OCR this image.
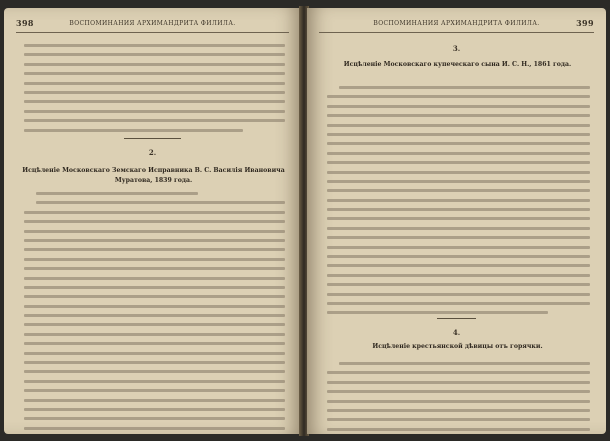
398	ВОСПОМИНАНИЯ АРХИМАНДРИТА ФИЛИЛА.
2.
Исцѣленіе Московскаго Земскаго Исправника В. С. Василія Ивановича Муратова, 1839 года.
ВОСПОМИНАНИЯ АРХИМАНДРИТА ФИЛИЛА.	399
3.
Исцѣленіе Московскаго купеческаго сына И. С. Н., 1861 года.
4.
Исцѣленіе крестьянской дѣвицы отъ горячки.
